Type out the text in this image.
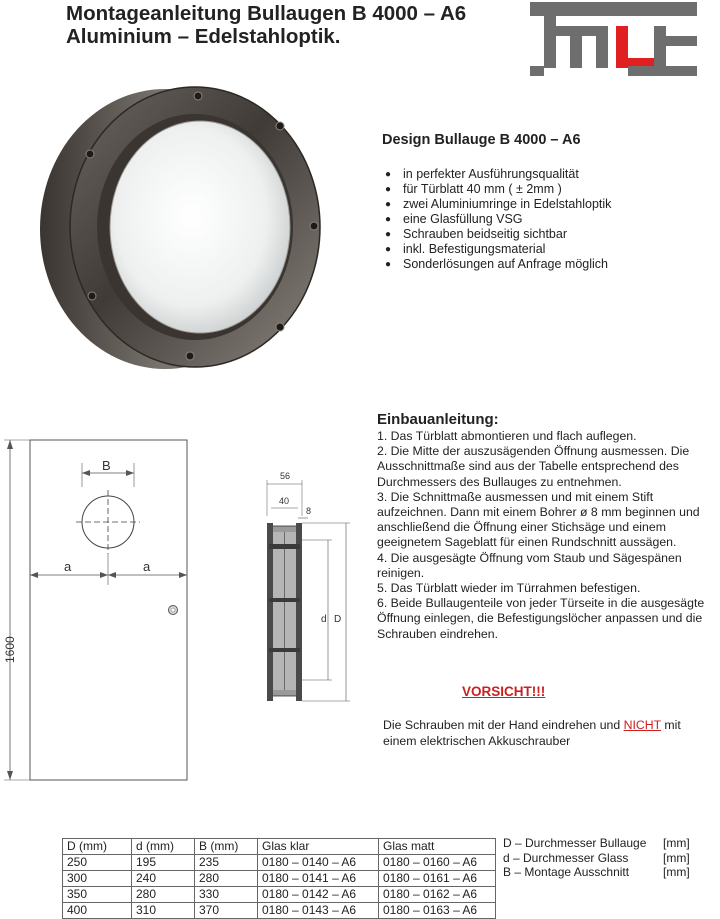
Montageanleitung Bullaugen B 4000 – A6
Aluminium – Edelstahloptik.
Design Bullauge B 4000 – A6
● in perfekter Ausführungsqualität
● für Türblatt 40 mm ( ± 2mm )
● zwei Aluminiumringe in Edelstahloptik
● eine Glasfüllung VSG
● Schrauben beidseitig sichtbar
● inkl. Befestigungsmaterial
● Sonderlösungen auf Anfrage möglich
1600
B
a	a
56
40
8
d D
Einbauanleitung:

1. Das Türblatt abmontieren und flach auflegen.

2. Die Mitte der auszusägenden Öffnung ausmessen. Die Ausschnittmaße sind aus der Tabelle entsprechend des Durchmessers des Bullauges zu entnehmen.

3. Die Schnittmaße ausmessen und mit einem Stift aufzeichnen. Dann mit einem Bohrer ø 8 mm beginnen und anschließend die Öffnung einer Stichsäge und einem geeignetem Sageblatt für einen Rundschnitt aussägen.

4. Die ausgesägte Öffnung vom Staub und Sägespänen reinigen.

5. Das Türblatt wieder im Türrahmen befestigen.

6. Beide Bullaugenteile von jeder Türseite in die ausgesägte Öffnung einlegen, die Befestigungslöcher anpassen und die Schrauben eindrehen.

VORSICHT!!!
Die Schrauben mit der Hand eindrehen und NICHT mit einem elektrischen Akkuschrauber
D (mm)	d (mm)	B (mm)	Glas klar	Glas matt
250	195	235	0180 – 0140 – A6	0180 – 0160 – A6
300	240	280	0180 – 0141 – A6	0180 – 0161 – A6
350	280	330	0180 – 0142 – A6	0180 – 0162 – A6
400	310	370	0180 – 0143 – A6	0180 – 0163 – A6
D – Durchmesser Bullauge	[mm]
d – Durchmesser Glass	[mm]
B – Montage Ausschnitt	[mm]
